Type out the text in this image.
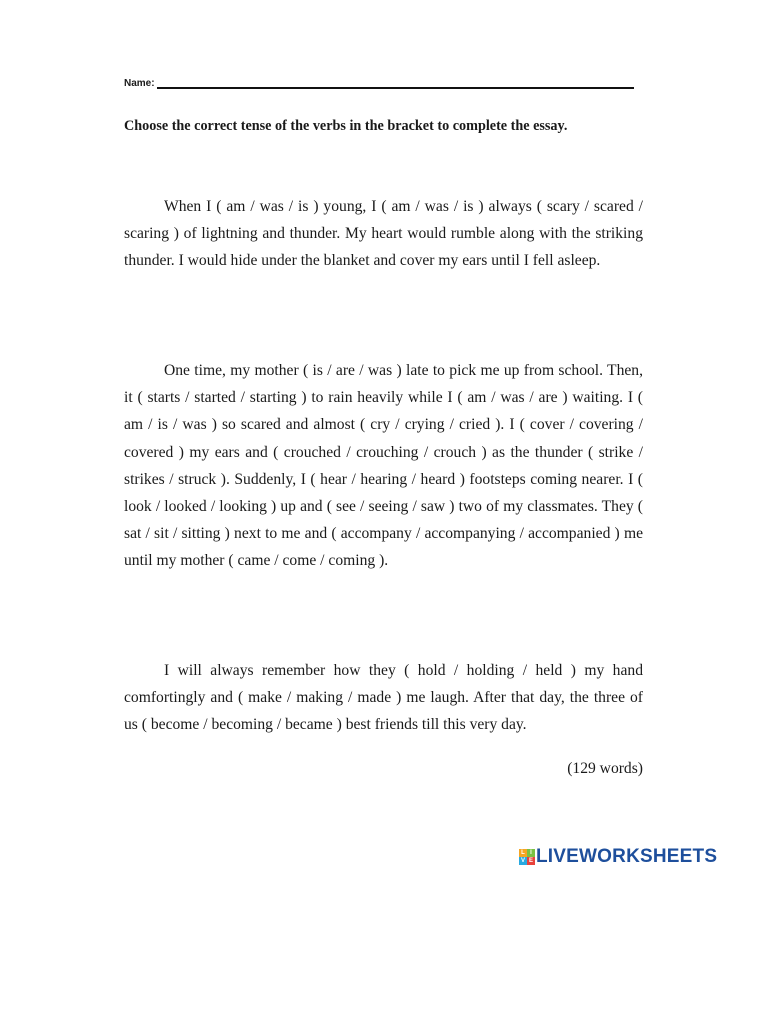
Name:
Choose the correct tense of the verbs in the bracket to complete the essay.

When I ( am / was / is ) young, I ( am / was / is ) always ( scary / scared / scaring ) of lightning and thunder. My heart would rumble along with the striking thunder. I would hide under the blanket and cover my ears until I fell asleep.

One time, my mother ( is / are / was ) late to pick me up from school. Then, it ( starts / started / starting ) to rain heavily while I ( am / was / are ) waiting. I ( am / is / was ) so scared and almost ( cry / crying / cried ). I ( cover / covering / covered ) my ears and ( crouched / crouching / crouch ) as the thunder ( strike / strikes / struck ). Suddenly, I ( hear / hearing / heard ) footsteps coming nearer. I ( look / looked / looking ) up and ( see / seeing / saw ) two of my classmates. They ( sat / sit / sitting ) next to me and ( accompany / accompanying / accompanied ) me until my mother ( came / come / coming ).

I will always remember how they ( hold / holding / held ) my hand comfortingly and ( make / making / made ) me laugh. After that day, the three of us ( become / becoming / became ) best friends till this very day.

(129 words)
L I
V E LIVEWORKSHEETS
